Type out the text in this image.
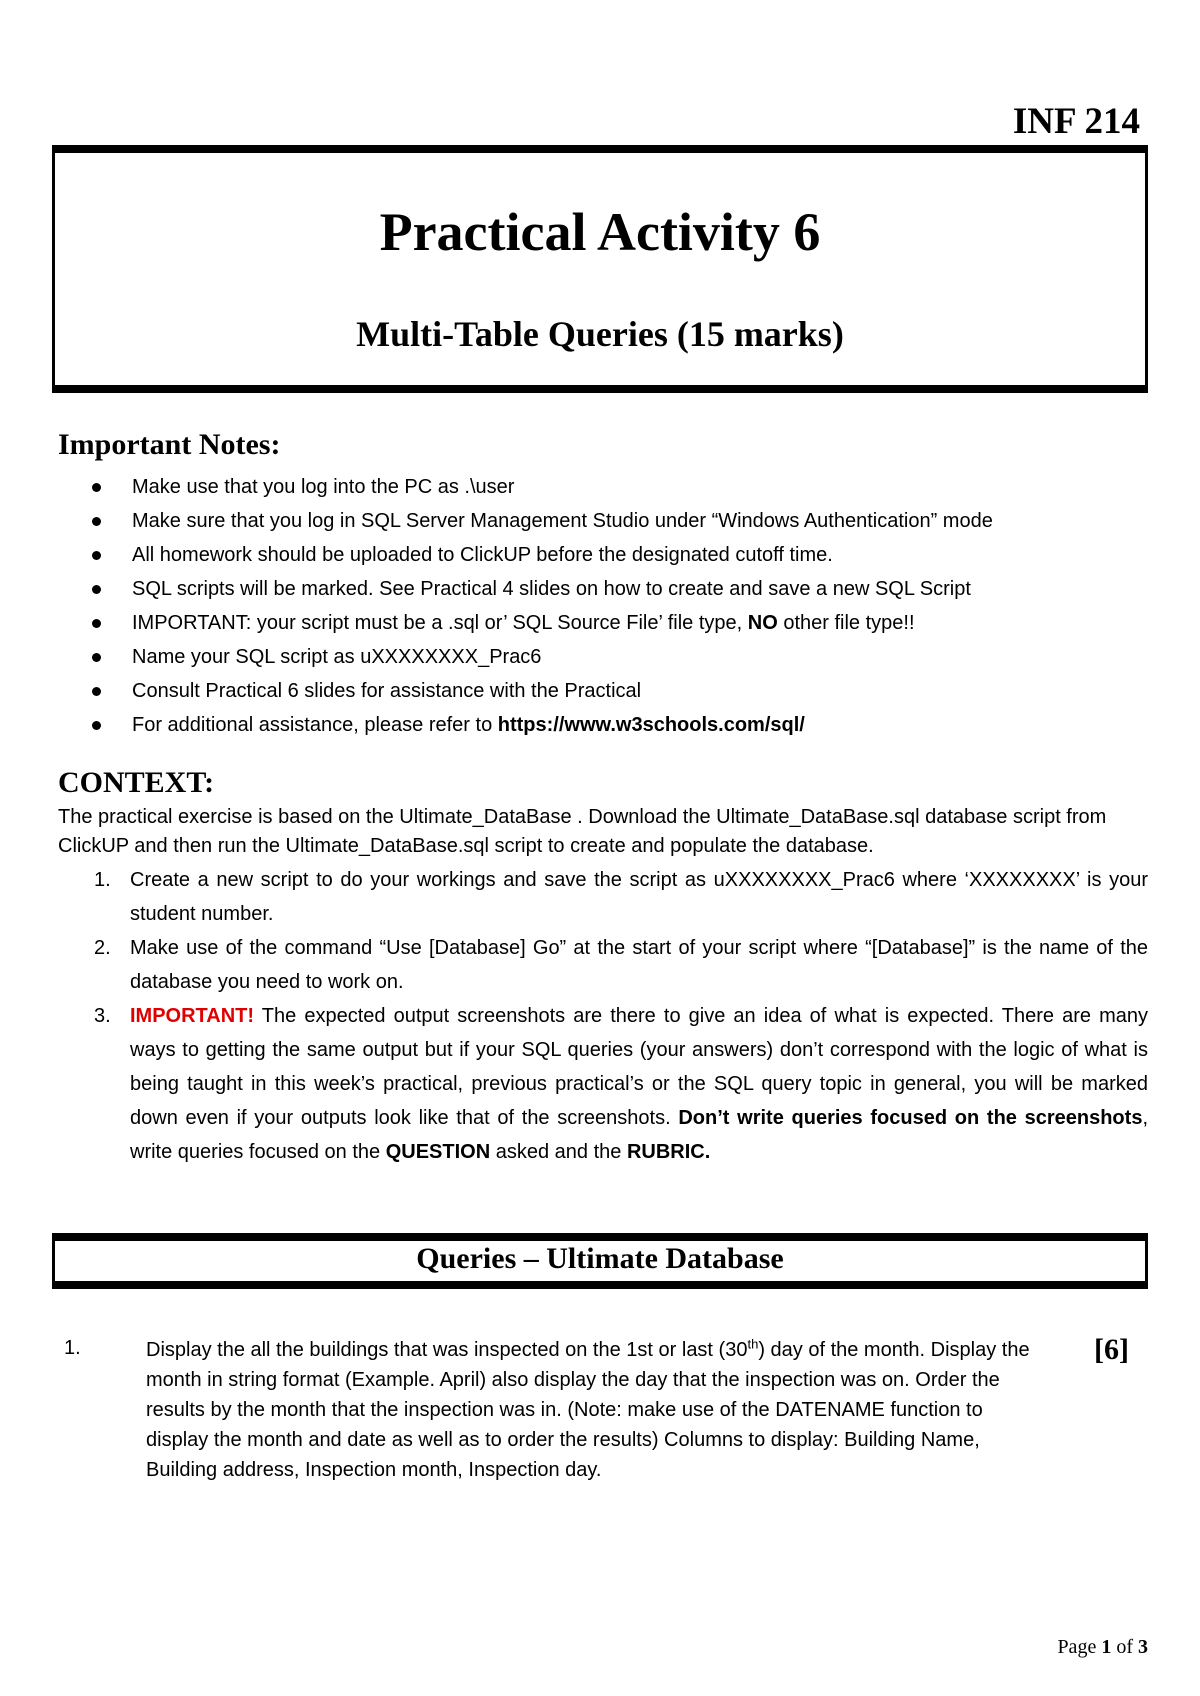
INF 214
Practical Activity 6
Multi-Table Queries (15 marks)
Important Notes:
Make use that you log into the PC as .\user
Make sure that you log in SQL Server Management Studio under “Windows Authentication” mode
All homework should be uploaded to ClickUP before the designated cutoff time.
SQL scripts will be marked. See Practical 4 slides on how to create and save a new SQL Script
IMPORTANT: your script must be a .sql or’ SQL Source File’ file type, NO other file type!!
Name your SQL script as uXXXXXXXX_Prac6
Consult Practical 6 slides for assistance with the Practical
For additional assistance, please refer to https://www.w3schools.com/sql/
CONTEXT:
The practical exercise is based on the Ultimate_DataBase . Download the Ultimate_DataBase.sql database script from ClickUP and then run the Ultimate_DataBase.sql script to create and populate the database.
1. Create a new script to do your workings and save the script as uXXXXXXXX_Prac6 where ‘XXXXXXXX’ is your student number.
2. Make use of the command “Use [Database] Go” at the start of your script where “[Database]” is the name of the database you need to work on.
3. IMPORTANT! The expected output screenshots are there to give an idea of what is expected. There are many ways to getting the same output but if your SQL queries (your answers) don’t correspond with the logic of what is being taught in this week’s practical, previous practical’s or the SQL query topic in general, you will be marked down even if your outputs look like that of the screenshots. Don’t write queries focused on the screenshots, write queries focused on the QUESTION asked and the RUBRIC.
Queries – Ultimate Database
1.	Display the all the buildings that was inspected on the 1st or last (30th) day of the month. Display the month in string format (Example. April) also display the day that the inspection was on. Order the results by the month that the inspection was in. (Note: make use of the DATENAME function to display the month and date as well as to order the results) Columns to display: Building Name, Building address, Inspection month, Inspection day.
[6]
Page 1 of 3
